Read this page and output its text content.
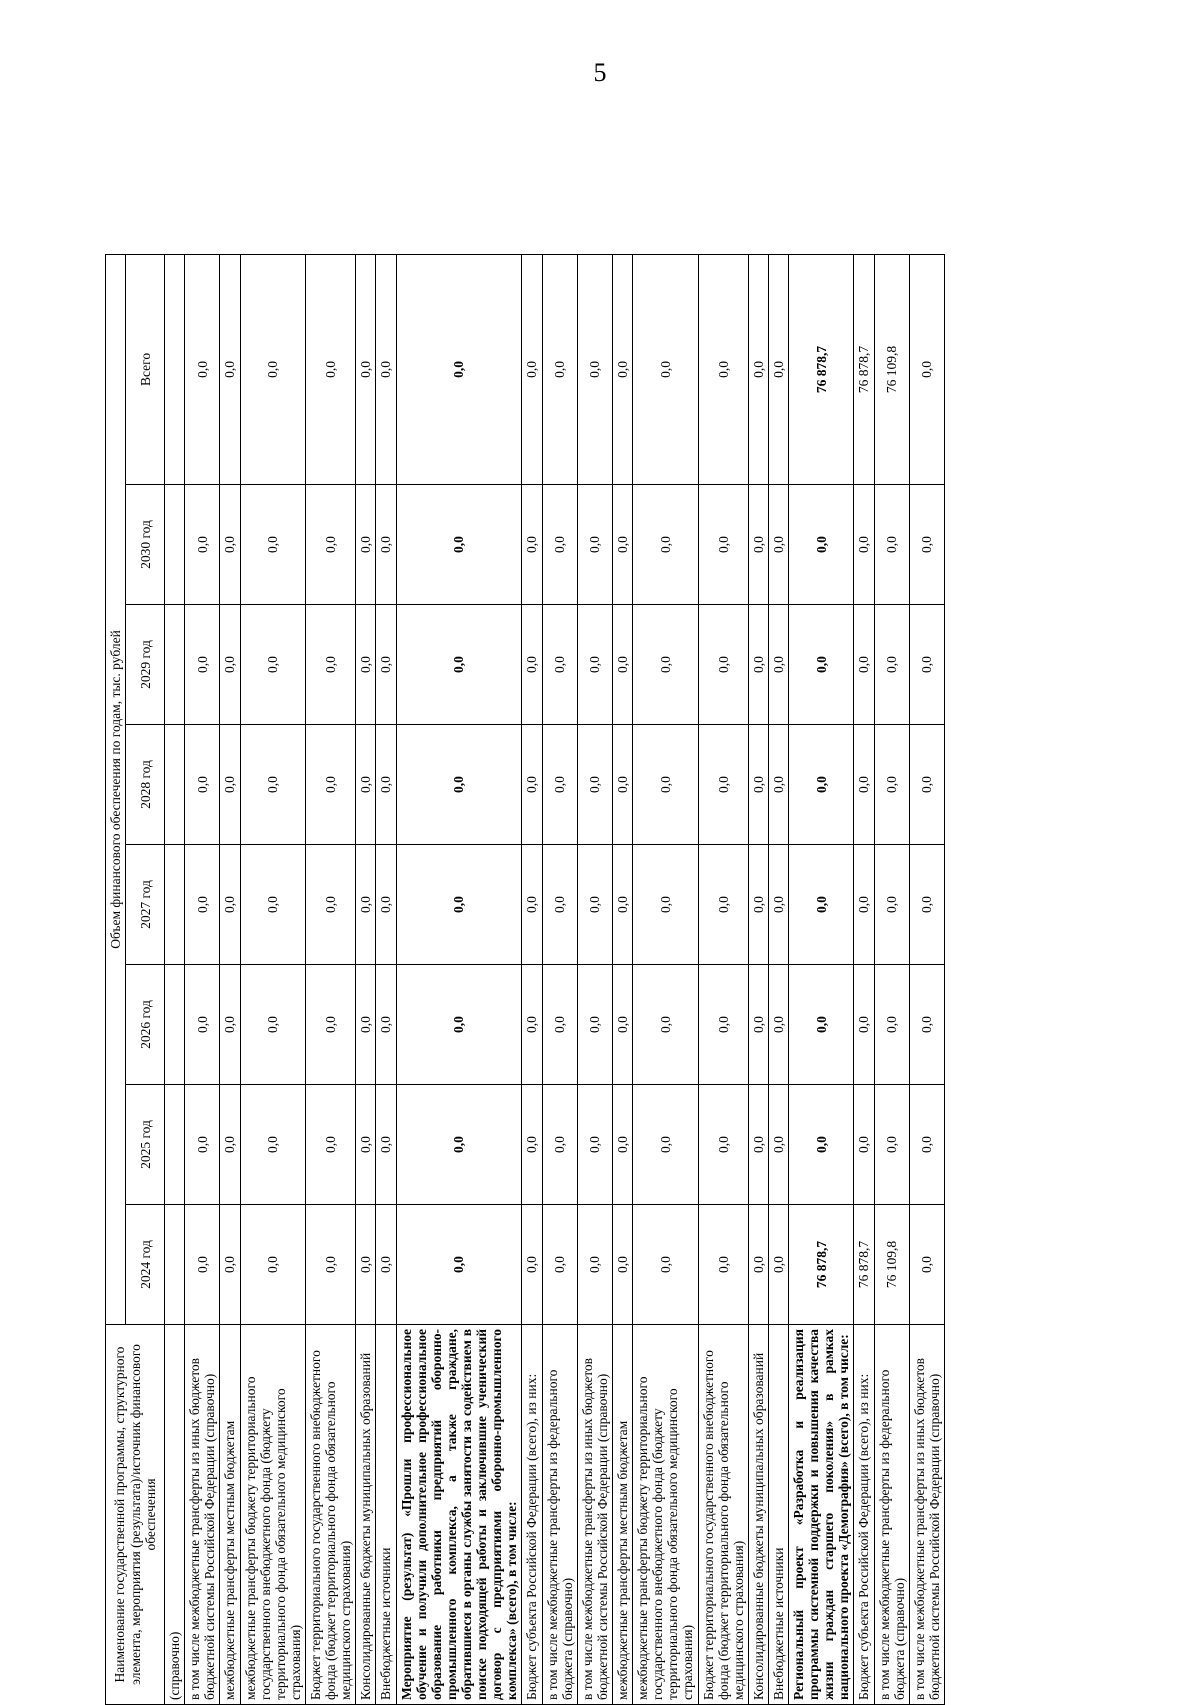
5
Наименование государственной программы, структурного элемента, мероприятия (результата)/источник финансового обеспечения	Объем финансового обеспечения по годам, тыс. рублей							
	2024 год	2025 год	2026 год	2027 год	2028 год	2029 год	2030 год	Всего
(справочно)								
в том числе межбюджетные трансферты из иных бюджетов бюджетной системы Российской Федерации (справочно)	0,0	0,0	0,0	0,0	0,0	0,0	0,0	0,0
межбюджетные трансферты местным бюджетам	0,0	0,0	0,0	0,0	0,0	0,0	0,0	0,0
межбюджетные трансферты бюджету территориального государственного внебюджетного фонда (бюджету территориального фонда обязательного медицинского страхования)	0,0	0,0	0,0	0,0	0,0	0,0	0,0	0,0
Бюджет территориального государственного внебюджетного фонда (бюджет территориального фонда обязательного медицинского страхования)	0,0	0,0	0,0	0,0	0,0	0,0	0,0	0,0
Консолидированные бюджеты муниципальных образований	0,0	0,0	0,0	0,0	0,0	0,0	0,0	0,0
Внебюджетные источники	0,0	0,0	0,0	0,0	0,0	0,0	0,0	0,0
Мероприятие (результат) «Прошли профессиональное обучение и получили дополнительное профессиональное образование работники предприятий оборонно-промышленного комплекса, а также граждане, обратившиеся в органы службы занятости за содействием в поиске подходящей работы и заключившие ученический договор с предприятиями оборонно-промышленного комплекса» (всего), в том числе:	0,0	0,0	0,0	0,0	0,0	0,0	0,0	0,0
Бюджет субъекта Российской Федерации (всего), из них:	0,0	0,0	0,0	0,0	0,0	0,0	0,0	0,0
в том числе межбюджетные трансферты из федерального бюджета (справочно)	0,0	0,0	0,0	0,0	0,0	0,0	0,0	0,0
в том числе межбюджетные трансферты из иных бюджетов бюджетной системы Российской Федерации (справочно)	0,0	0,0	0,0	0,0	0,0	0,0	0,0	0,0
межбюджетные трансферты местным бюджетам	0,0	0,0	0,0	0,0	0,0	0,0	0,0	0,0
межбюджетные трансферты бюджету территориального государственного внебюджетного фонда (бюджету территориального фонда обязательного медицинского страхования)	0,0	0,0	0,0	0,0	0,0	0,0	0,0	0,0
Бюджет территориального государственного внебюджетного фонда (бюджет территориального фонда обязательного медицинского страхования)	0,0	0,0	0,0	0,0	0,0	0,0	0,0	0,0
Консолидированные бюджеты муниципальных образований	0,0	0,0	0,0	0,0	0,0	0,0	0,0	0,0
Внебюджетные источники	0,0	0,0	0,0	0,0	0,0	0,0	0,0	0,0
Региональный проект «Разработка и реализация программы системной поддержки и повышения качества жизни граждан старшего поколения» в рамках национального проекта «Демография» (всего), в том числе:	76 878,7	0,0	0,0	0,0	0,0	0,0	0,0	76 878,7
Бюджет субъекта Российской Федерации (всего), из них:	76 878,7	0,0	0,0	0,0	0,0	0,0	0,0	76 878,7
в том числе межбюджетные трансферты из федерального бюджета (справочно)	76 109,8	0,0	0,0	0,0	0,0	0,0	0,0	76 109,8
в том числе межбюджетные трансферты из иных бюджетов бюджетной системы Российской Федерации (справочно)	0,0	0,0	0,0	0,0	0,0	0,0	0,0	0,0
